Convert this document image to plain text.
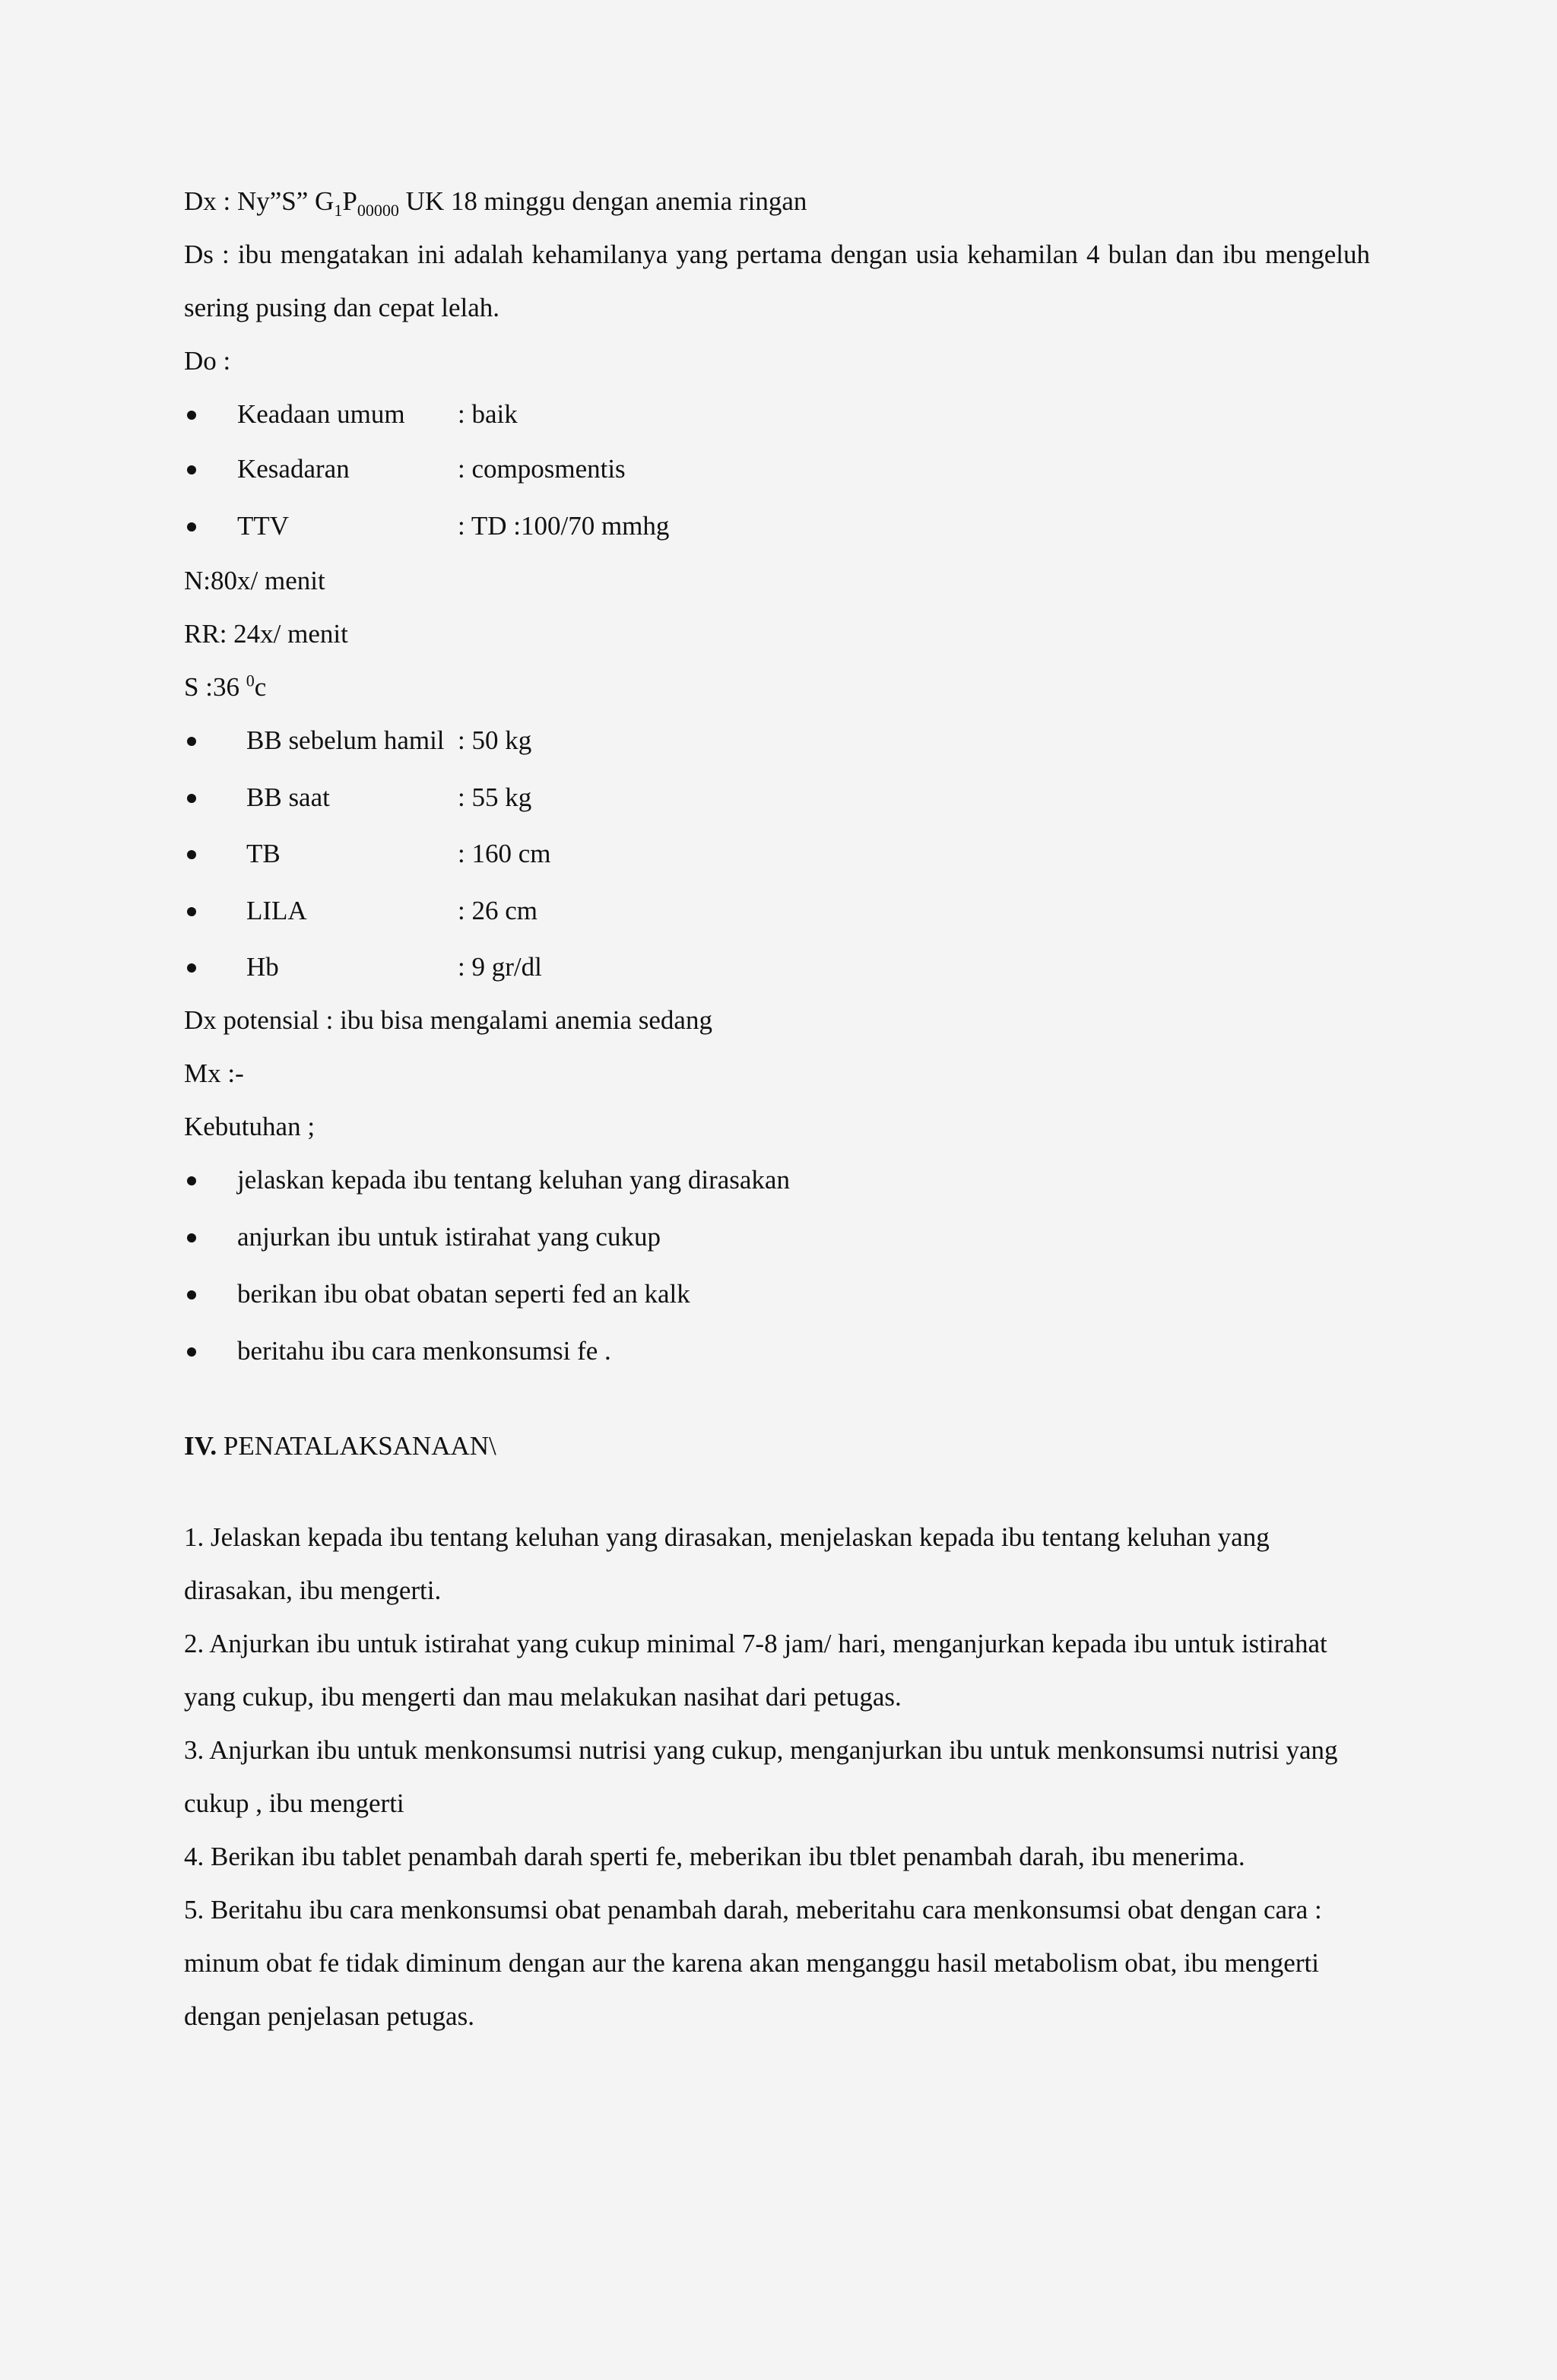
Dx : Ny”S” $G_1P_{00000}$ UK 18 minggu dengan anemia ringan
Ds : ibu mengatakan ini adalah kehamilanya yang pertama dengan usia kehamilan 4 bulan dan ibu mengeluh sering pusing dan cepat lelah.
Do :
Keadaan umum	: baik
Kesadaran	: composmentis
TTV	: TD :100/70 mmhg
N:80x/ menit
RR: 24x/ menit
S :36 $^0$c
BB sebelum hamil : 50 kg
BB saat	: 55 kg
TB	: 160 cm
LILA	: 26 cm
Hb	: 9 gr/dl
Dx potensial : ibu bisa mengalami anemia sedang
Mx :-
Kebutuhan ;
jelaskan kepada ibu tentang keluhan yang dirasakan
anjurkan ibu untuk istirahat yang cukup
berikan ibu obat obatan seperti fed an kalk
beritahu ibu cara menkonsumsi fe .
IV. PENATALAKSANAAN\
1. Jelaskan kepada ibu tentang keluhan yang dirasakan, menjelaskan kepada ibu tentang keluhan yang dirasakan, ibu mengerti.
2. Anjurkan ibu untuk istirahat yang cukup minimal 7-8 jam/ hari, menganjurkan kepada ibu untuk istirahat yang cukup, ibu mengerti dan mau melakukan nasihat dari petugas.
3. Anjurkan ibu untuk menkonsumsi nutrisi yang cukup, menganjurkan ibu untuk menkonsumsi nutrisi yang cukup , ibu mengerti
4. Berikan ibu tablet penambah darah sperti fe, meberikan ibu tblet penambah darah, ibu menerima.
5. Beritahu ibu cara menkonsumsi obat penambah darah, meberitahu cara menkonsumsi obat dengan cara : minum obat fe tidak diminum dengan aur the karena akan menganggu hasil metabolism obat, ibu mengerti dengan penjelasan petugas.
